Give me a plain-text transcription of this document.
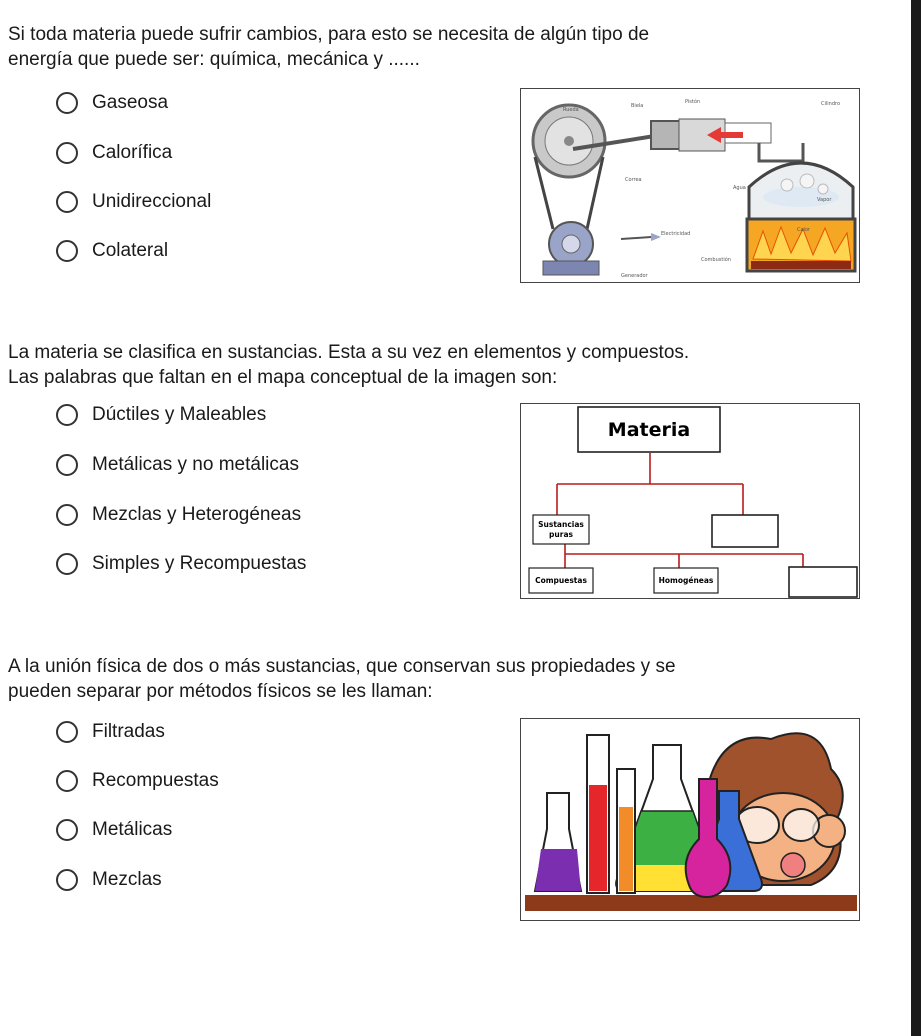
Si toda materia puede sufrir cambios, para esto se necesita de algún tipo de
energía que puede ser: química, mecánica y ......
Gaseosa
Calorífica
Unidireccional
Colateral
Rueda
Biela
Pistón	Cilindro
Correa
Agua
Vapor
Calor
Generador
Electricidad
Combustión
La materia se clasifica en sustancias. Esta a su vez en elementos y compuestos.
Las palabras que faltan en el mapa conceptual de la imagen son:
Dúctiles y Maleables
Metálicas y no metálicas
Mezclas y Heterogéneas
Simples y Recompuestas
Materia
Sustancias
puras
Compuestas	Homogéneas
A la unión física de dos o más sustancias, que conservan sus propiedades y se
pueden separar por métodos físicos se les llaman:
Filtradas
Recompuestas
Metálicas
Mezclas
